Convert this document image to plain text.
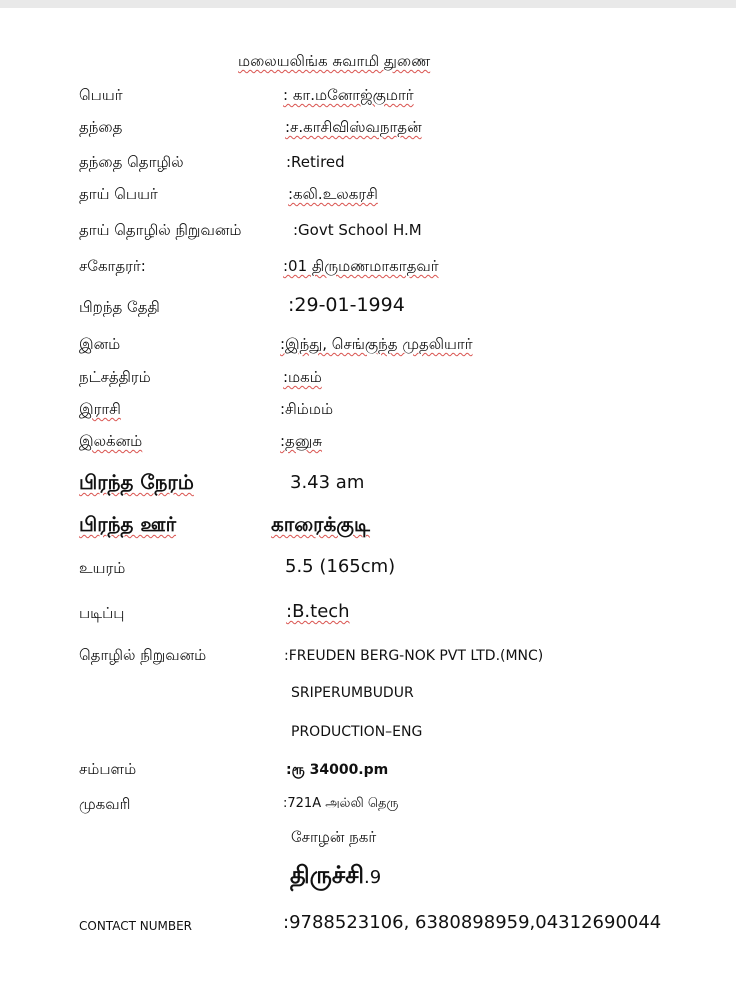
மலையலிங்க சுவாமி துணை
பெயர்	: கா.மனோஜ்குமார்
தந்தை	:ச.காசிவிஸ்வநாதன்
தந்தை தொழில்	:Retired
தாய் பெயர்	:கலி.உலகரசி
தாய் தொழில் நிறுவனம்	:Govt School H.M
சகோதரர்:	:01 திருமணமாகாதவர்
பிறந்த தேதி	:29-01-1994
இனம்	:இந்து, செங்குந்த முதலியார்
நட்சத்திரம்	:மகம்
இராசி	:சிம்மம்
இலக்னம்	:தனுசு
பிரந்த நேரம்	3.43 am
பிரந்த ஊர்	காரைக்குடி
உயரம்	5.5 (165cm)
படிப்பு	:B.tech
தொழில் நிறுவனம்	:FREUDEN BERG-NOK PVT LTD.(MNC)
SRIPERUMBUDUR
PRODUCTION–ENG
சம்பளம்	:ரூ 34000.pm
முகவரி	:721A அல்லி தெரு
சோழன் நகர்
திருச்சி.9
CONTACT NUMBER	:9788523106, 6380898959,04312690044
